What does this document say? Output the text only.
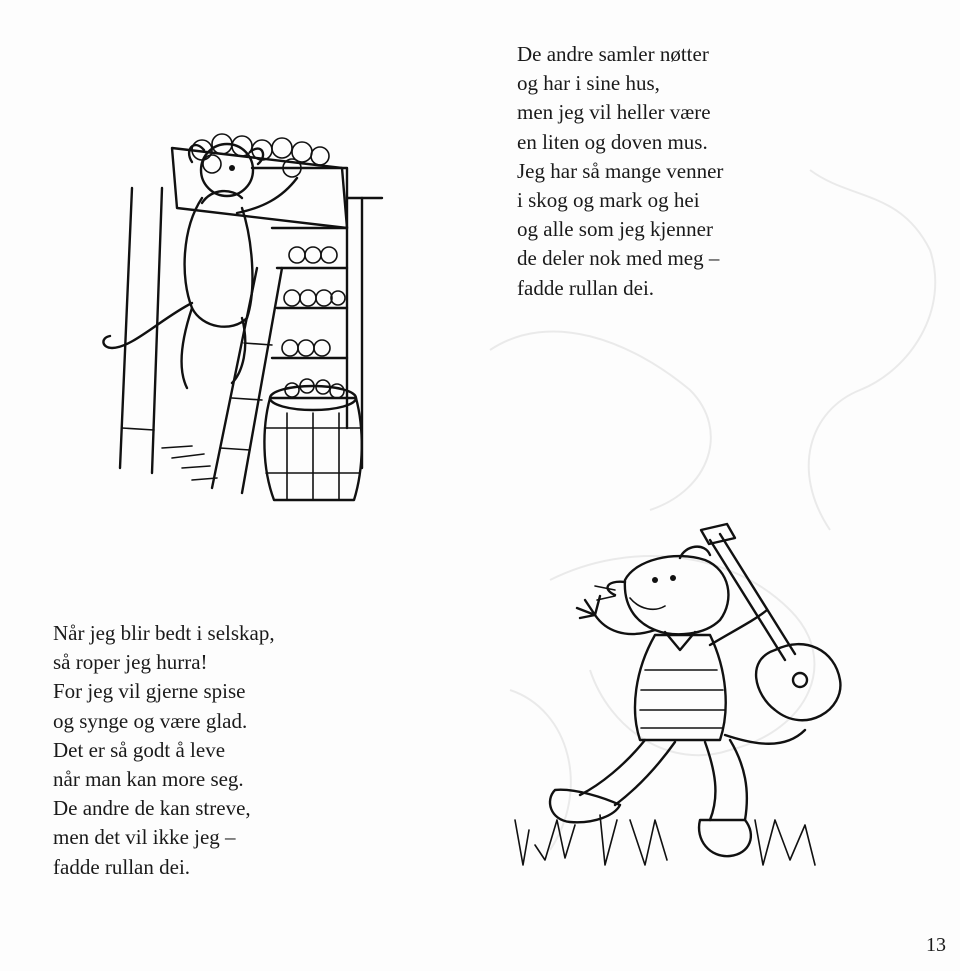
De andre samler nøtter
og har i sine hus,
men jeg vil heller være
en liten og doven mus.
Jeg har så mange venner
i skog og mark og hei
og alle som jeg kjenner
de deler nok med meg –
fadde rullan dei.
Når jeg blir bedt i selskap,
så roper jeg hurra!
For jeg vil gjerne spise
og synge og være glad.
Det er så godt å leve
når man kan more seg.
De andre de kan streve,
men det vil ikke jeg –
fadde rullan dei.
13
